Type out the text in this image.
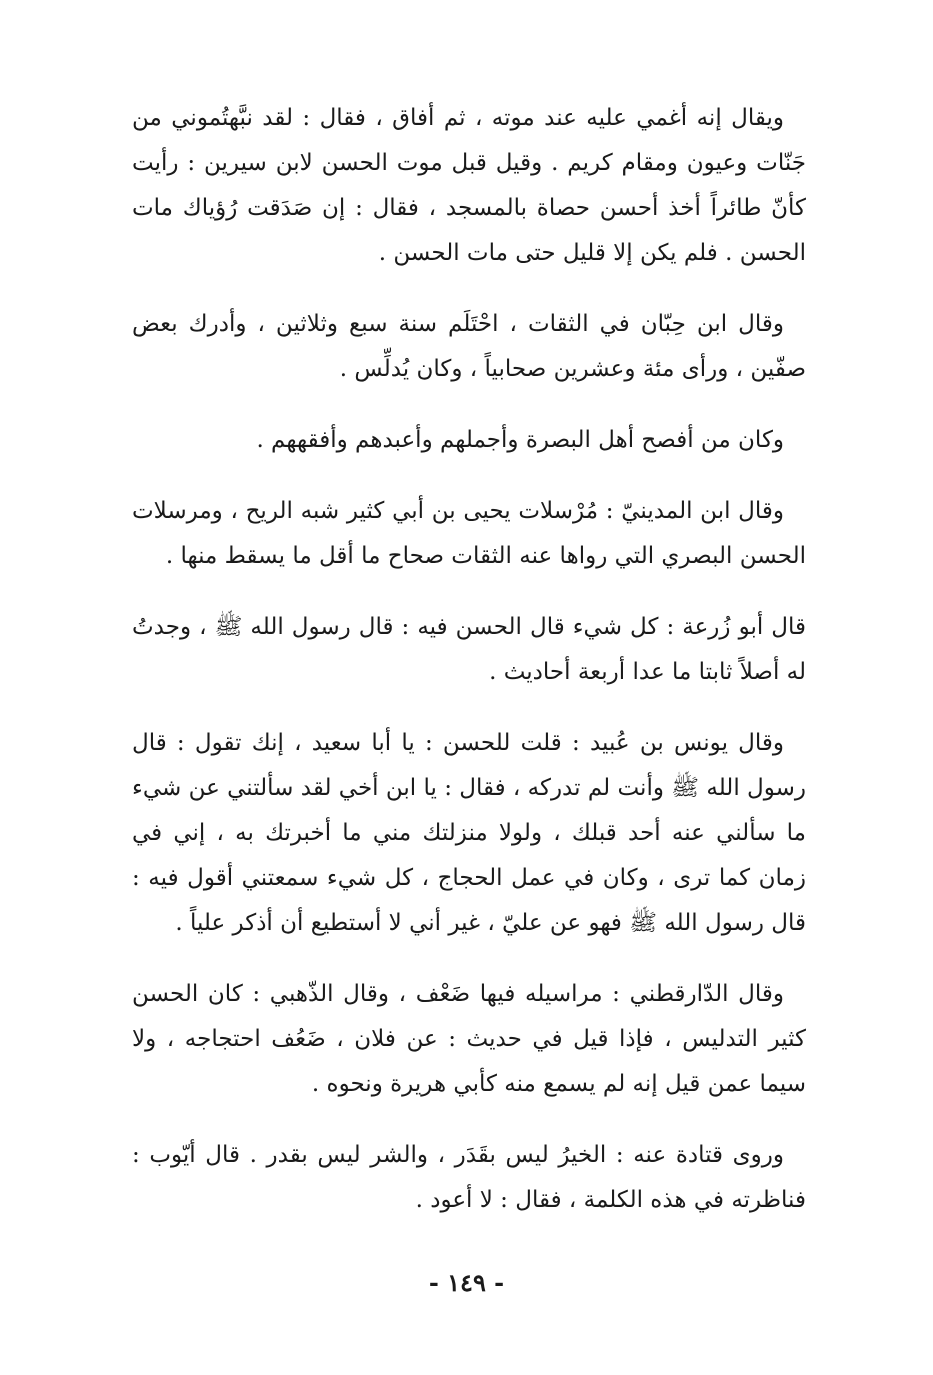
ويقال إنه أغمي عليه عند موته ، ثم أفاق ، فقال : لقد نبَّهتُموني من جَنّات وعيون ومقام كريم . وقيل قبل موت الحسن لابن سيرين : رأيت كأنّ طائراً أخذ أحسن حصاة بالمسجد ، فقال : إن صَدَقت رُؤياك مات الحسن . فلم يكن إلا قليل حتى مات الحسن .

وقال ابن حِبّان في الثقات ، احْتَلَم سنة سبع وثلاثين ، وأدرك بعض صفّين ، ورأى مئة وعشرين صحابياً ، وكان يُدلِّس .

وكان من أفصح أهل البصرة وأجملهم وأعبدهم وأفقههم .

وقال ابن المدينيّ : مُرْسلات يحيى بن أبي كثير شبه الريح ، ومرسلات الحسن البصري التي رواها عنه الثقات صحاح ما أقل ما يسقط منها .

قال أبو زُرعة : كل شيء قال الحسن فيه : قال رسول الله ﷺ ، وجدتُ له أصلاً ثابتا ما عدا أربعة أحاديث .

وقال يونس بن عُبيد : قلت للحسن : يا أبا سعيد ، إنك تقول : قال رسول الله ﷺ وأنت لم تدركه ، فقال : يا ابن أخي لقد سألتني عن شيء ما سألني عنه أحد قبلك ، ولولا منزلتك مني ما أخبرتك به ، إني في زمان كما ترى ، وكان في عمل الحجاج ، كل شيء سمعتني أقول فيه : قال رسول الله ﷺ فهو عن عليّ ، غير أني لا أستطيع أن أذكر علياً .

وقال الدّارقطني : مراسيله فيها ضَعْف ، وقال الذّهبي : كان الحسن كثير التدليس ، فإذا قيل في حديث : عن فلان ، ضَعُف احتجاجه ، ولا سيما عمن قيل إنه لم يسمع منه كأبي هريرة ونحوه .

وروى قتادة عنه : الخيرُ ليس بقَدَر ، والشر ليس بقدر . قال أيّوب : فناظرته في هذه الكلمة ، فقال : لا أعود .

- ١٤٩ -
